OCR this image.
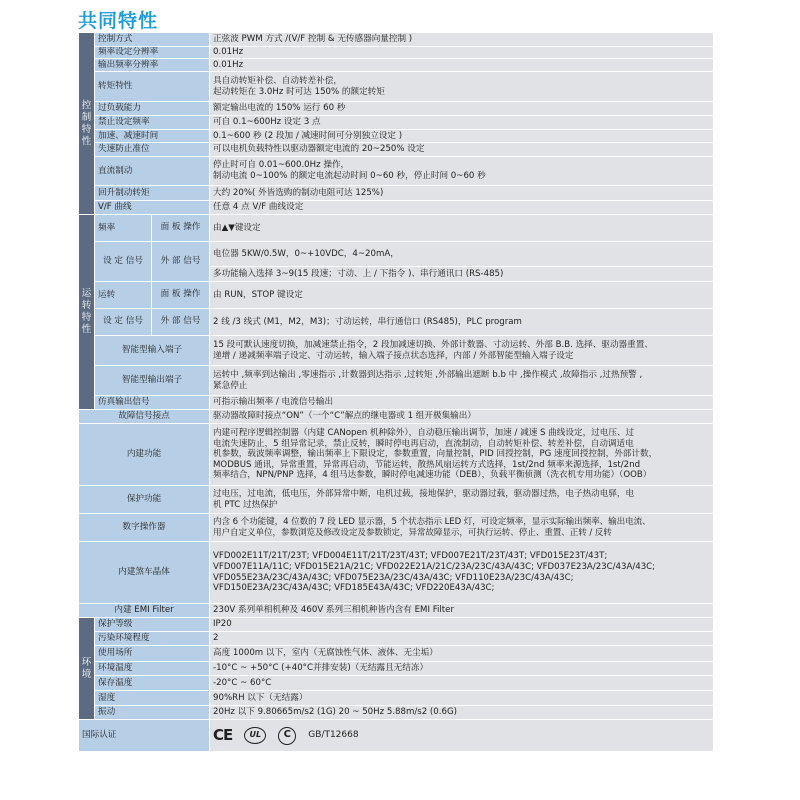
共同特性
控制特性	控制方式		正弦波 PWM 方式 /(V/F 控制 & 无传感器向量控制 )

	频率设定分辨率		0.01Hz

	输出频率分辨率		0.01Hz

	转矩特性		具自动转矩补偿、自动转差补偿，
起动转矩在 3.0Hz 时可达 150% 的额定转矩

	过负载能力		额定输出电流的 150% 运行 60 秒

	禁止设定频率		可自 0.1~600Hz 设定 3 点

	加速、减速时间		0.1~600 秒 (2 段加 / 减速时间可分别独立设定 )

	失速防止准位		可以电机负载特性以驱动器额定电流的 20~250% 设定

	直流制动		停止时可自 0.01~600.0Hz 操作，
制动电流 0~100% 的额定电流起动时间 0~60 秒，停止时间 0~60 秒

	回升制动转矩		大约 20%( 外皆选购的制动电阻可达 125%)

	V/F 曲线		任意 4 点 V/F 曲线设定

运转特性	频率	面 板 操作	由▲▼键设定
	设 定 信号	外 部 信号	电位器 5KW/0.5W，0~+10VDC，4~20mA，
			多功能输入选择 3~9(15 段速；寸动、上 / 下指令 )、串行通讯口 (RS-485)
	运转	面 板 操作	由 RUN，STOP 键设定
	设 定 信号	外 部 信号	2 线 /3 线式 (M1，M2，M3)；寸动运转，串行通信口 (RS485)，PLC program
	智能型输入端子		15 段可默认速度切换，加减速禁止指令，2 段加减速切换、外部计数器、寸动运转、外部 B.B. 选择、驱动器重置、
递增 / 递减频率端子设定、寸动运转，输入端子接点状态选择，内部 / 外部智能型输入端子设定

	智能型输出端子		运转中 ,频率到达输出 ,零速指示 ,计数器到达指示 ,过转矩 ,外部输出遮断 b.b 中 ,操作模式 ,故障指示 ,过热预警 ,
紧急停止

	仿真输出信号		可指示输出频率 / 电流信号输出

故障信号接点			驱动器故障时接点“ON”（一个“C”解点的继电器或 1 组开极集输出）

内建功能			内建可程序逻辑控制器（内建 CANopen 机种除外），自动稳压输出调节，加速 / 减速 S 曲线设定，过电压、过
电流失速防止，5 组异常记录，禁止反转，瞬时停电再启动，直流制动，自动转矩补偿、转差补偿，自动调适电
机参数，载波频率调整，输出频率上下限设定，参数重置，向量控制，PID 回授控制，PG 速度回授控制，外部计数，
MODBUS 通讯，异常重置，异常再启动，节能运转，散热风扇运转方式选择，1st/2nd 频率来源选择，1st/2nd
频率结合，NPN/PNP 选择，4 组马达参数，瞬时停电减速功能（DEB），负载平衡侦测（洗衣机专用功能）（OOB）

保护功能			过电压，过电流，低电压，外部异常中断，电机过载，接地保护，驱动器过载，驱动器过热，电子热动电驿，电
机 PTC 过热保护

数字操作器			内含 6 个功能键，4 位数的 7 段 LED 显示器，5 个状态指示 LED 灯，可设定频率，显示实际输出频率、输出电流、
用户自定义单位，参数浏览及修改设定及参数锁定，异常故障显示，可执行运转、停止、重置、正转 / 反转

内建煞车晶体			VFD002E11T/21T/23T; VFD004E11T/21T/23T/43T; VFD007E21T/23T/43T; VFD015E23T/43T;
VFD007E11A/11C; VFD015E21A/21C; VFD022E21A/21C/23A/23C/43A/43C; VFD037E23A/23C/43A/43C;
VFD055E23A/23C/43A/43C; VFD075E23A/23C/43A/43C; VFD110E23A/23C/43A/43C;
VFD150E23A/23C/43A/43C; VFD185E43A/43C; VFD220E43A/43C;

内建 EMI Filter			230V 系列单相机种及 460V 系列三相机种皆内含有 EMI Filter

环境	保护等级		IP20

	污染环境程度		2

	使用场所		高度 1000m 以下，室内（无腐蚀性气体、液体、无尘垢）

	环境温度		-10°C ~ +50°C (+40°C并排安装)（无结露且无结冻）

	保存温度		-20°C ~ 60°C

	湿度		90%RH 以下（无结露）

	振动		20Hz 以下 9.80665m/s2 (1G) 20 ~ 50Hz 5.88m/s2 (0.6G)

国际认证			CE UL C GB/T12668
